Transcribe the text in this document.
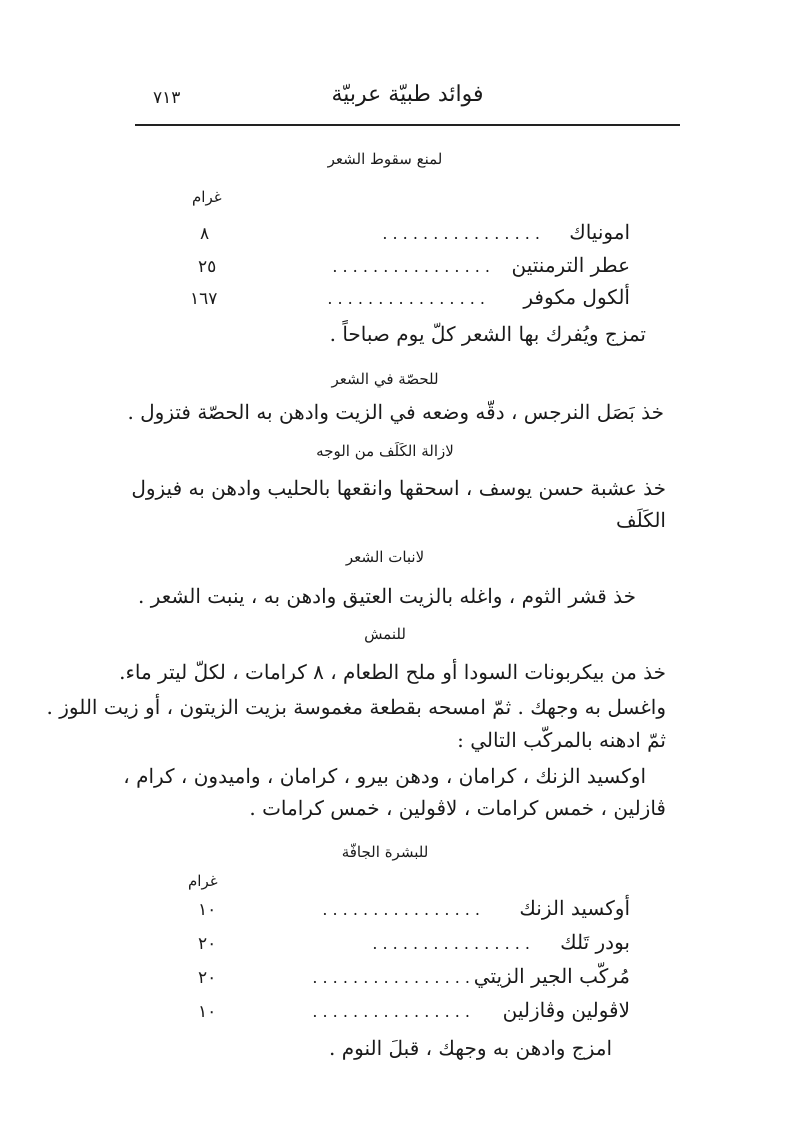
٧١٣	فوائد طبيّة عربيّة
لمنع سقوط الشعر
غرام
امونياك
. . . . . . . . . . . . . . . .
٨
عطر الترمنتين
. . . . . . . . . . . . . . . .
٢٥
ألكول مكوفر
. . . . . . . . . . . . . . . .
١٦٧
تمزج ويُفرك بها الشعر كلّ يوم صباحاً .
للحصّة في الشعر
خذ بَصَل النرجس ، دقّه وضعه في الزيت وادهن به الحصّة فتزول .
لازالة الكَلَف من الوجه
خذ عشبة حسن يوسف ، اسحقها وانقعها بالحليب وادهن به فيزول
الكَلَف
لانبات الشعر
خذ قشر الثوم ، واغله بالزيت العتيق وادهن به ، ينبت الشعر .
للنمش
خذ من بيكربونات السودا أو ملح الطعام ، ٨ كرامات ، لكلّ ليتر ماء.
واغسل به وجهك . ثمّ امسحه بقطعة مغموسة بزيت الزيتون ، أو زيت اللوز .
ثمّ ادهنه بالمركّب التالي :
اوكسيد الزنك ، كرامان ، ودهن بيرو ، كرامان ، واميدون ، كرام ،
ڤازلين ، خمس كرامات ، لاڤولين ، خمس كرامات .
للبشرة الجافّة
غرام
أوكسيد الزنك
. . . . . . . . . . . . . . . .
١٠
بودر تَلك
. . . . . . . . . . . . . . . .
٢٠
مُركّب الجير الزيتي
. . . . . . . . . . . . . . . .
٢٠
لاڤولين وڤازلين
. . . . . . . . . . . . . . . .
١٠
امزج وادهن به وجهك ، قبلَ النوم .
